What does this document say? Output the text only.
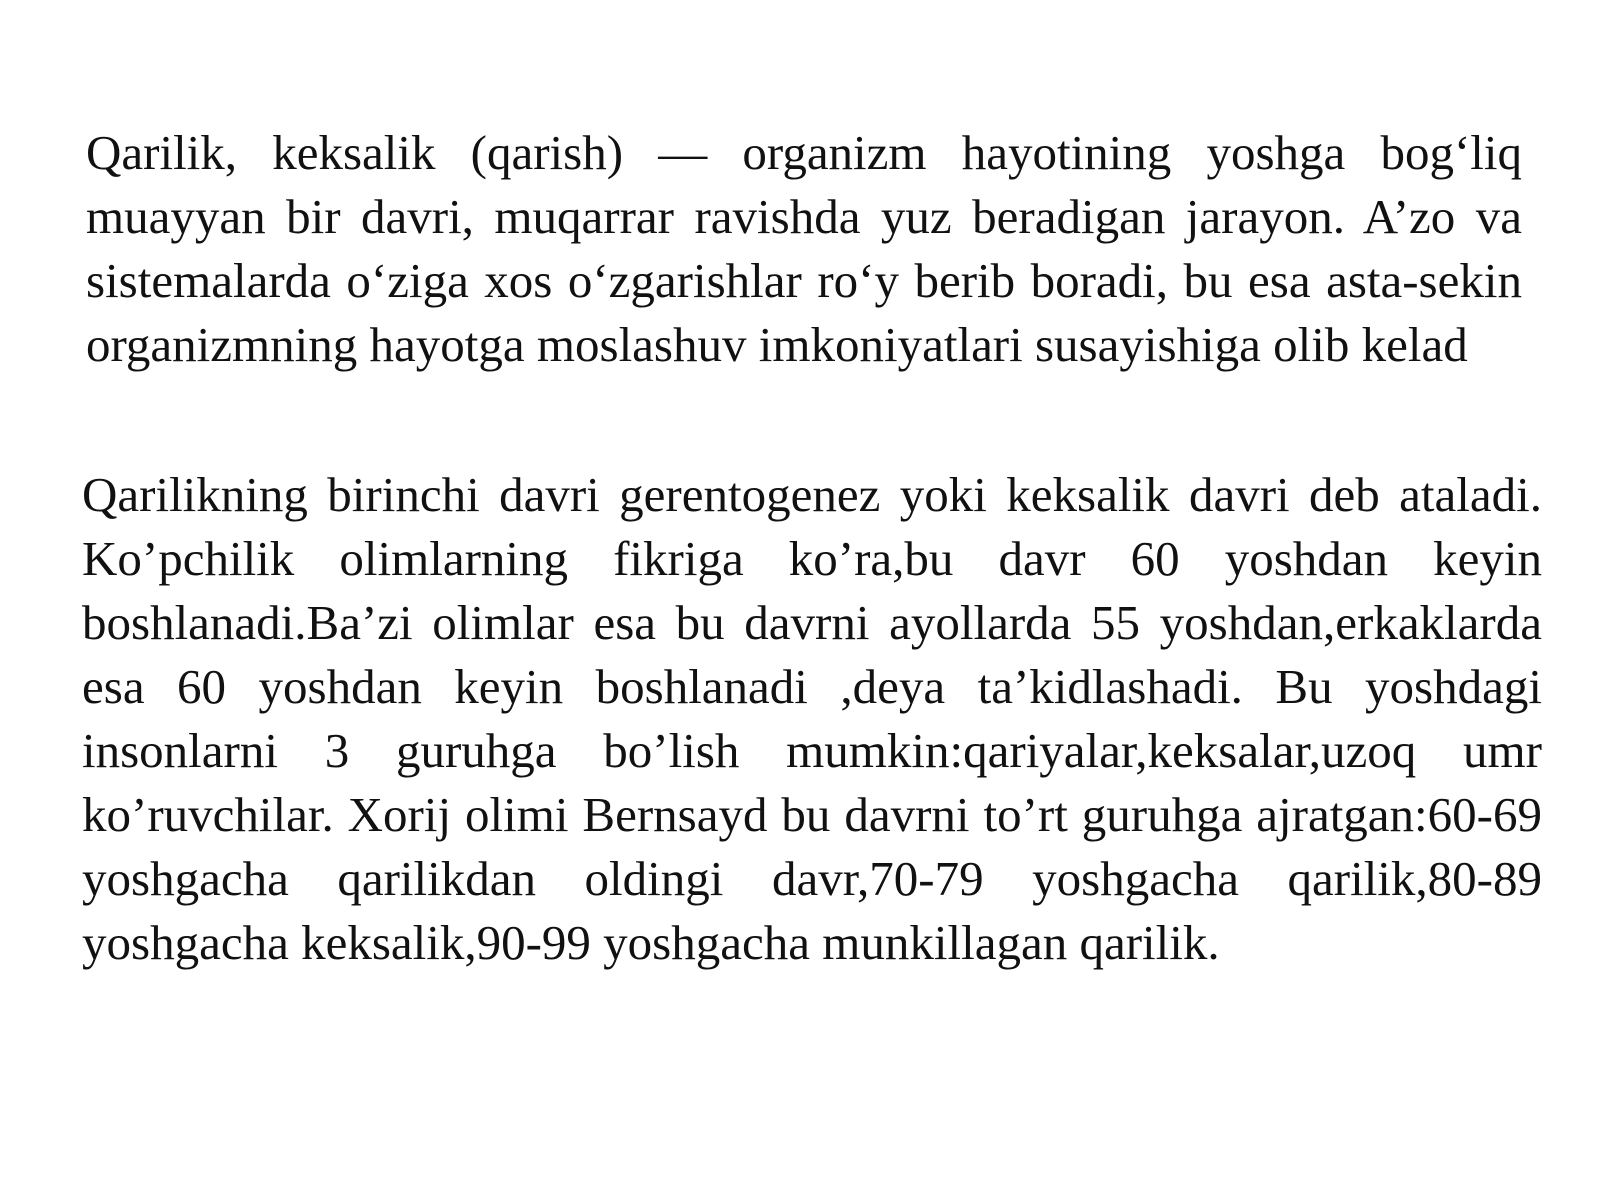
Qarilik, keksalik (qarish) — organizm hayotining yoshga bog‘liq muayyan bir davri, muqarrar ravishda yuz beradigan jarayon. A’zo va sistemalarda o‘ziga xos o‘zgarishlar ro‘y berib boradi, bu esa asta-sekin organizmning hayotga moslashuv imkoniyatlari susayishiga olib kelad

Qarilikning birinchi davri gerentogenez yoki keksalik davri deb ataladi. Ko’pchilik olimlarning fikriga ko’ra,bu davr 60 yoshdan keyin boshlanadi.Ba’zi olimlar esa bu davrni ayollarda 55 yoshdan,erkaklarda esa 60 yoshdan keyin boshlanadi ,deya ta’kidlashadi. Bu yoshdagi insonlarni 3 guruhga bo’lish mumkin:qariyalar,keksalar,uzoq umr ko’ruvchilar. Xorij olimi Bernsayd bu davrni to’rt guruhga ajratgan:60-69 yoshgacha qarilikdan oldingi davr,70-79 yoshgacha qarilik,80-89 yoshgacha keksalik,90-99 yoshgacha munkillagan qarilik.
